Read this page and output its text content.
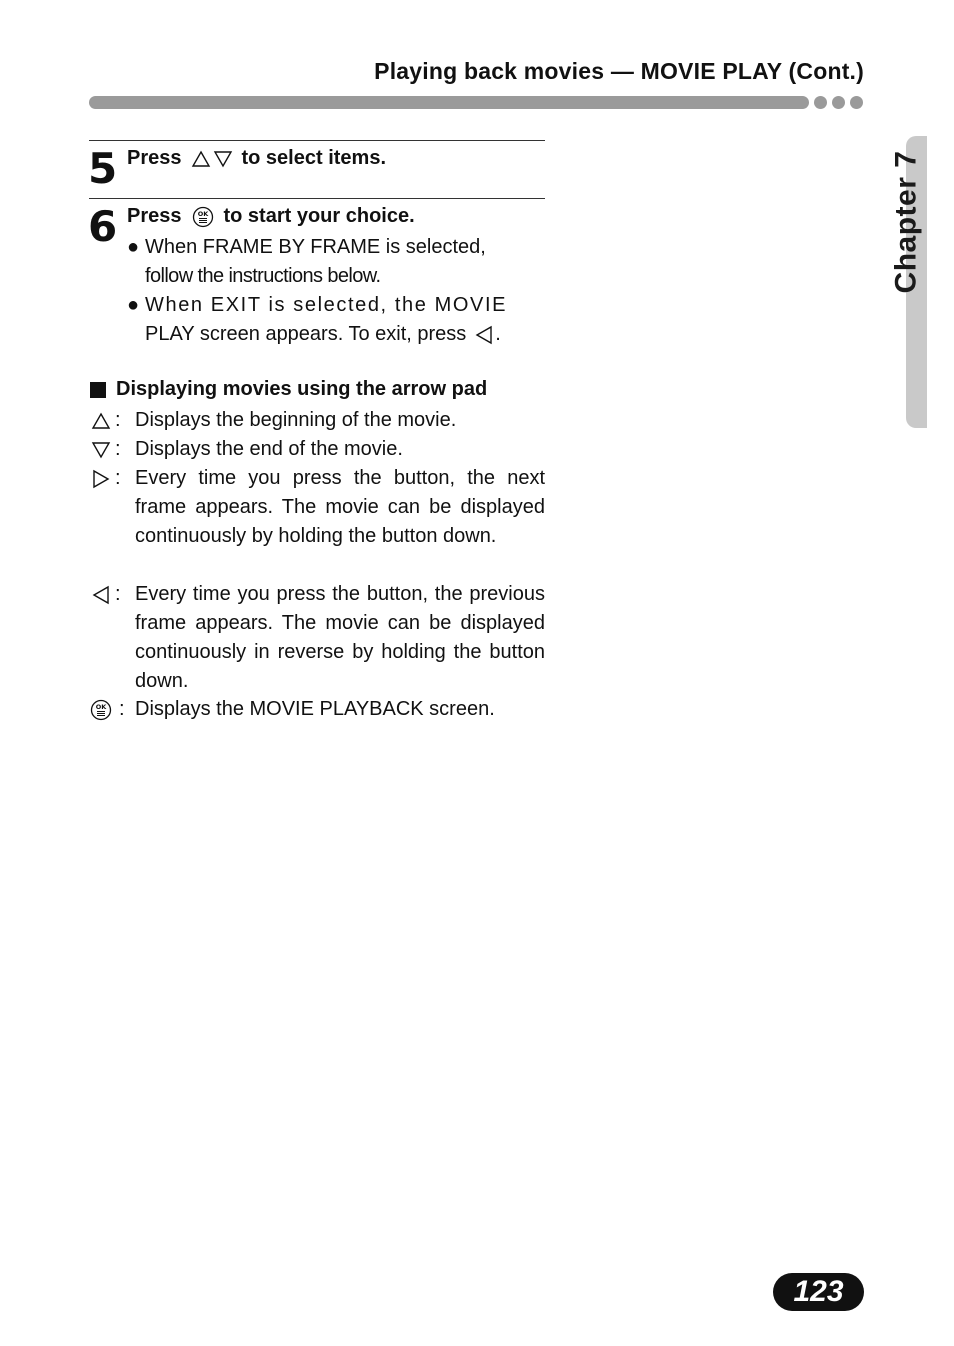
Playing back movies — MOVIE PLAY (Cont.)
Chapter 7
5 Press	to select items.
6 Press OK to start your choice.
● When FRAME BY FRAME is selected,
follow the instructions below.
● When EXIT is selected, the MOVIE
PLAY screen appears. To exit, press .
Displaying movies using the arrow pad
: Displays the beginning of the movie.
: Displays the end of the movie.
: Every time you press the button, the next frame appears. The movie can be displayed continuously by holding the button down.
: Every time you press the button, the previous frame appears. The movie can be displayed continuously in reverse by holding the button down.
OK : Displays the MOVIE PLAYBACK screen.
123
